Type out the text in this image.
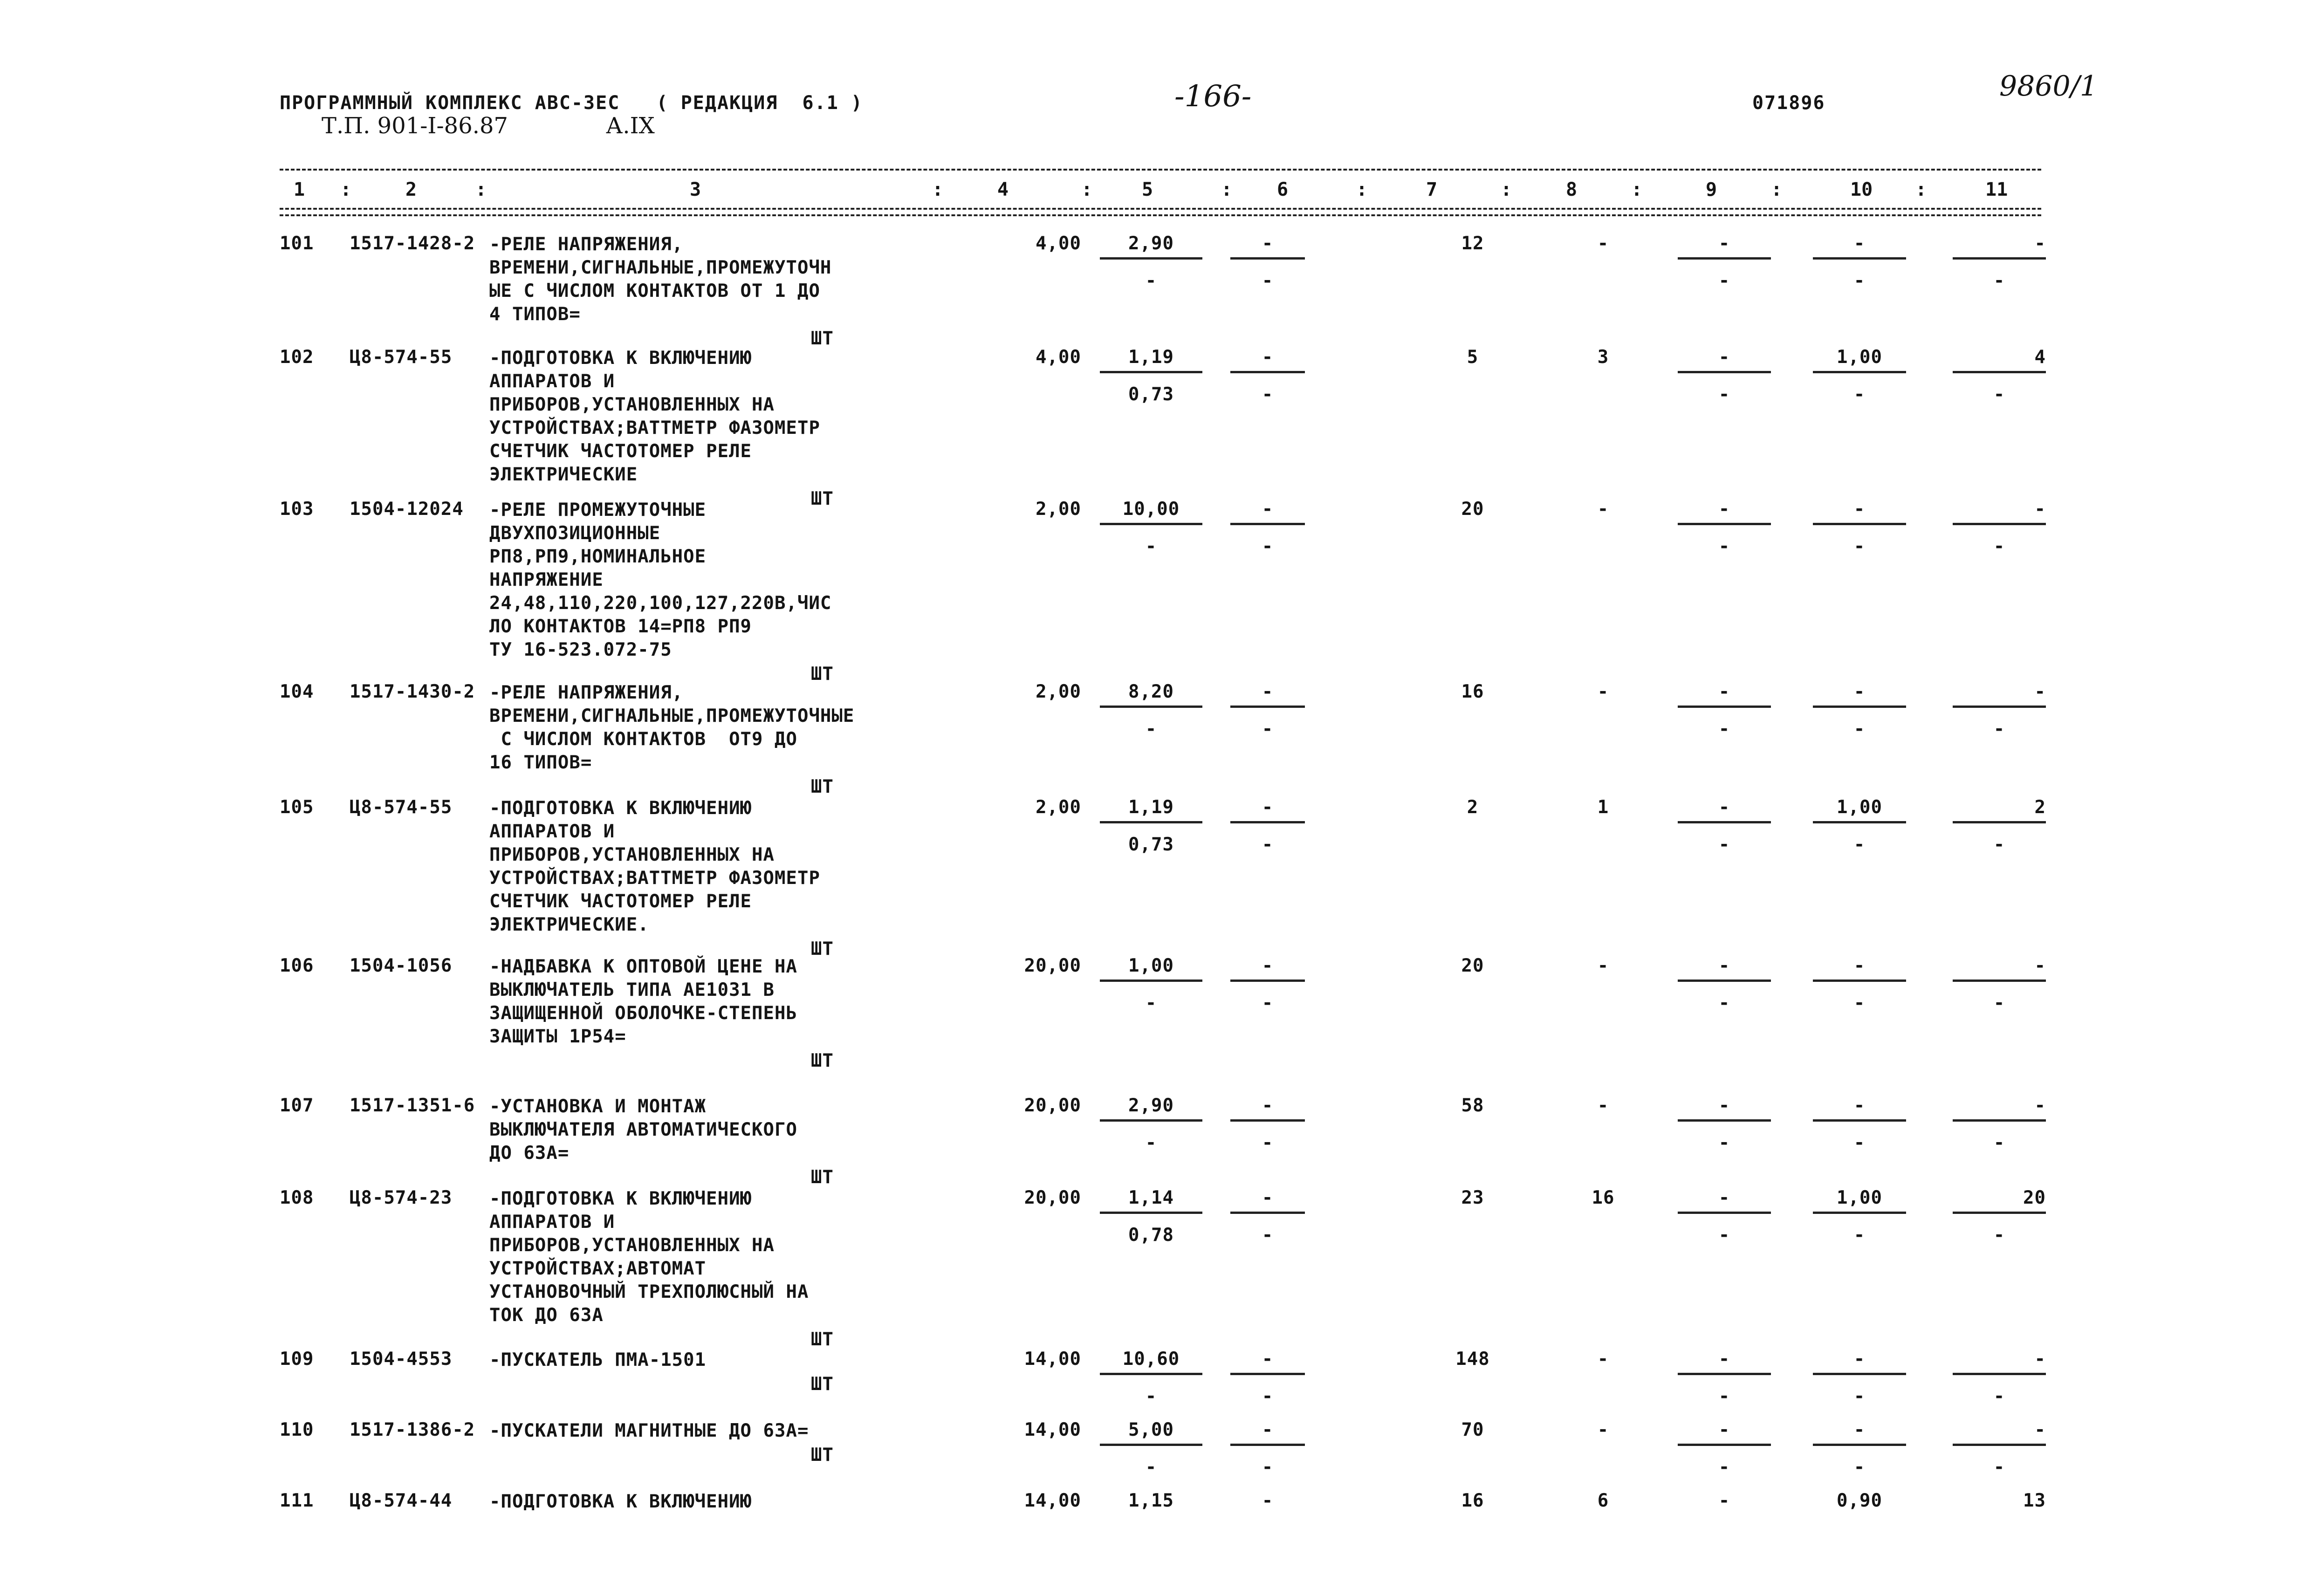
ПРОГРАММНЫЙ КОМПЛЕКС АВС-3ЕС   ( РЕДАКЦИЯ  6.1 )
Т.П. 901-I-86.87	А.IX
-166-	071896
9860/1
1 :	2	:	3	:	4	:	5	: 6	:	7	:	8	:	9	:	10 :	11
101	1517-1428-2 -РЕЛЕ НАПРЯЖЕНИЯ,
ВРЕМЕНИ,СИГНАЛЬНЫЕ,ПРОМЕЖУТОЧН
ЫЕ С ЧИСЛОМ КОНТАКТОВ ОТ 1 ДО
4 ТИПОВ=
ШТ
4,00	2,90	-	12	-	-	-	-
-	-	-	-	-
102	Ц8-574-55	-ПОДГОТОВКА К ВКЛЮЧЕНИЮ
АППАРАТОВ И
ПРИБОРОВ,УСТАНОВЛЕННЫХ НА
УСТРОЙСТВАХ;ВАТТМЕТР ФАЗОМЕТР
СЧЕТЧИК ЧАСТОТОМЕР РЕЛЕ
ЭЛЕКТРИЧЕСКИЕ
ШТ
4,00	1,19	-	5	3	-	1,00	4
0,73	-	-	-	-
103	1504-12024	-РЕЛЕ ПРОМЕЖУТОЧНЫЕ
ДВУХПОЗИЦИОННЫЕ
РП8,РП9,НОМИНАЛЬНОЕ
НАПРЯЖЕНИЕ
24,48,110,220,100,127,220В,ЧИС
ЛО КОНТАКТОВ 14=РП8 РП9
ТУ 16-523.072-75
ШТ
2,00	10,00	-	20	-	-	-	-
-	-	-	-	-
104	1517-1430-2 -РЕЛЕ НАПРЯЖЕНИЯ,
ВРЕМЕНИ,СИГНАЛЬНЫЕ,ПРОМЕЖУТОЧНЫЕ
С ЧИСЛОМ КОНТАКТОВ  ОТ9 ДО
16 ТИПОВ=
ШТ
2,00	8,20	-	16	-	-	-	-
-	-	-	-	-
105	Ц8-574-55	-ПОДГОТОВКА К ВКЛЮЧЕНИЮ
АППАРАТОВ И
ПРИБОРОВ,УСТАНОВЛЕННЫХ НА
УСТРОЙСТВАХ;ВАТТМЕТР ФАЗОМЕТР
СЧЕТЧИК ЧАСТОТОМЕР РЕЛЕ
ЭЛЕКТРИЧЕСКИЕ.
ШТ
2,00	1,19	-	2	1	-	1,00	2
0,73	-	-	-	-
106	1504-1056	-НАДБАВКА К ОПТОВОЙ ЦЕНЕ НА
ВЫКЛЮЧАТЕЛЬ ТИПА АЕ1031 В
ЗАЩИЩЕННОЙ ОБОЛОЧКЕ-СТЕПЕНЬ
ЗАЩИТЫ 1Р54=
ШТ
20,00	1,00	-	20	-	-	-	-
-	-	-	-	-
107	1517-1351-6 -УСТАНОВКА И МОНТАЖ
ВЫКЛЮЧАТЕЛЯ АВТОМАТИЧЕСКОГО
ДО 63А=
ШТ
20,00	2,90	-	58	-	-	-	-
-	-	-	-	-
108	Ц8-574-23	-ПОДГОТОВКА К ВКЛЮЧЕНИЮ
АППАРАТОВ И
ПРИБОРОВ,УСТАНОВЛЕННЫХ НА
УСТРОЙСТВАХ;АВТОМАТ
УСТАНОВОЧНЫЙ ТРЕХПОЛЮСНЫЙ НА
ТОК ДО 63А
ШТ
20,00	1,14	-	23	16	-	1,00	20
0,78	-	-	-	-
109	1504-4553	-ПУСКАТЕЛЬ ПМА-1501
ШТ
14,00	10,60	-	148	-	-	-	-
-	-	-	-	-
110	1517-1386-2 -ПУСКАТЕЛИ МАГНИТНЫЕ ДО 63А=
ШТ
14,00	5,00	-	70	-	-	-	-
-	-	-	-	-
111	Ц8-574-44	-ПОДГОТОВКА К ВКЛЮЧЕНИЮ	14,00	1,15	-	16	6	-	0,90	13
